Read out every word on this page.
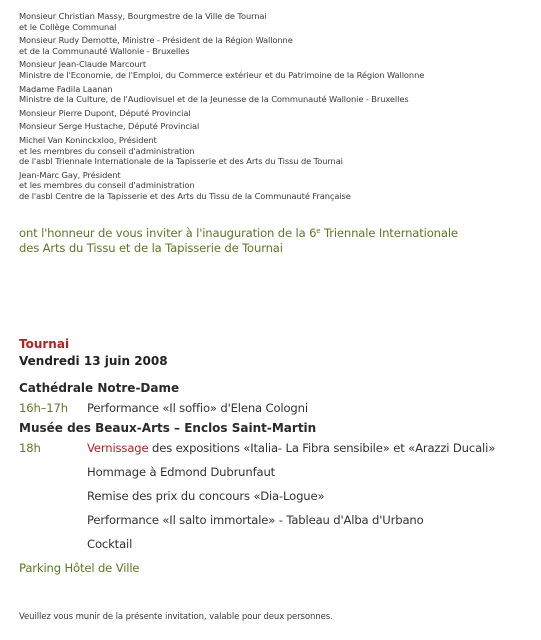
Monsieur Christian Massy, Bourgmestre de la Ville de Tournai
et le Collège Communal
Monsieur Rudy Demotte, Ministre - Président de la Région Wallonne
et de la Communauté Wallonie - Bruxelles
Monsieur Jean-Claude Marcourt
Ministre de l'Economie, de l'Emploi, du Commerce extérieur et du Patrimoine de la Région Wallonne
Madame Fadila Laanan
Ministre de la Culture, de l'Audiovisuel et de la Jeunesse de la Communauté Wallonie - Bruxelles
Monsieur Pierre Dupont, Député Provincial
Monsieur Serge Hustache, Député Provincial
Michel Van Koninckxloo, Président
et les membres du conseil d'administration
de l'asbl Triennale Internationale de la Tapisserie et des Arts du Tissu de Tournai
Jean-Marc Gay, Président
et les membres du conseil d'administration
de l'asbl Centre de la Tapisserie et des Arts du Tissu de la Communauté Française
ont l'honneur de vous inviter à l'inauguration de la 6e Triennale Internationale
des Arts du Tissu et de la Tapisserie de Tournai
Tournai
Vendredi 13 juin 2008
Cathédrale Notre-Dame
16h–17h	Performance «Il soffio» d'Elena Cologni
Musée des Beaux-Arts – Enclos Saint-Martin
18h	Vernissage des expositions «Italia- La Fibra sensibile» et «Arazzi Ducali»
Hommage à Edmond Dubrunfaut
Remise des prix du concours «Dia-Logue»
Performance «Il salto immortale» - Tableau d'Alba d'Urbano
Cocktail
Parking Hôtel de Ville
Veuillez vous munir de la présente invitation, valable pour deux personnes.
